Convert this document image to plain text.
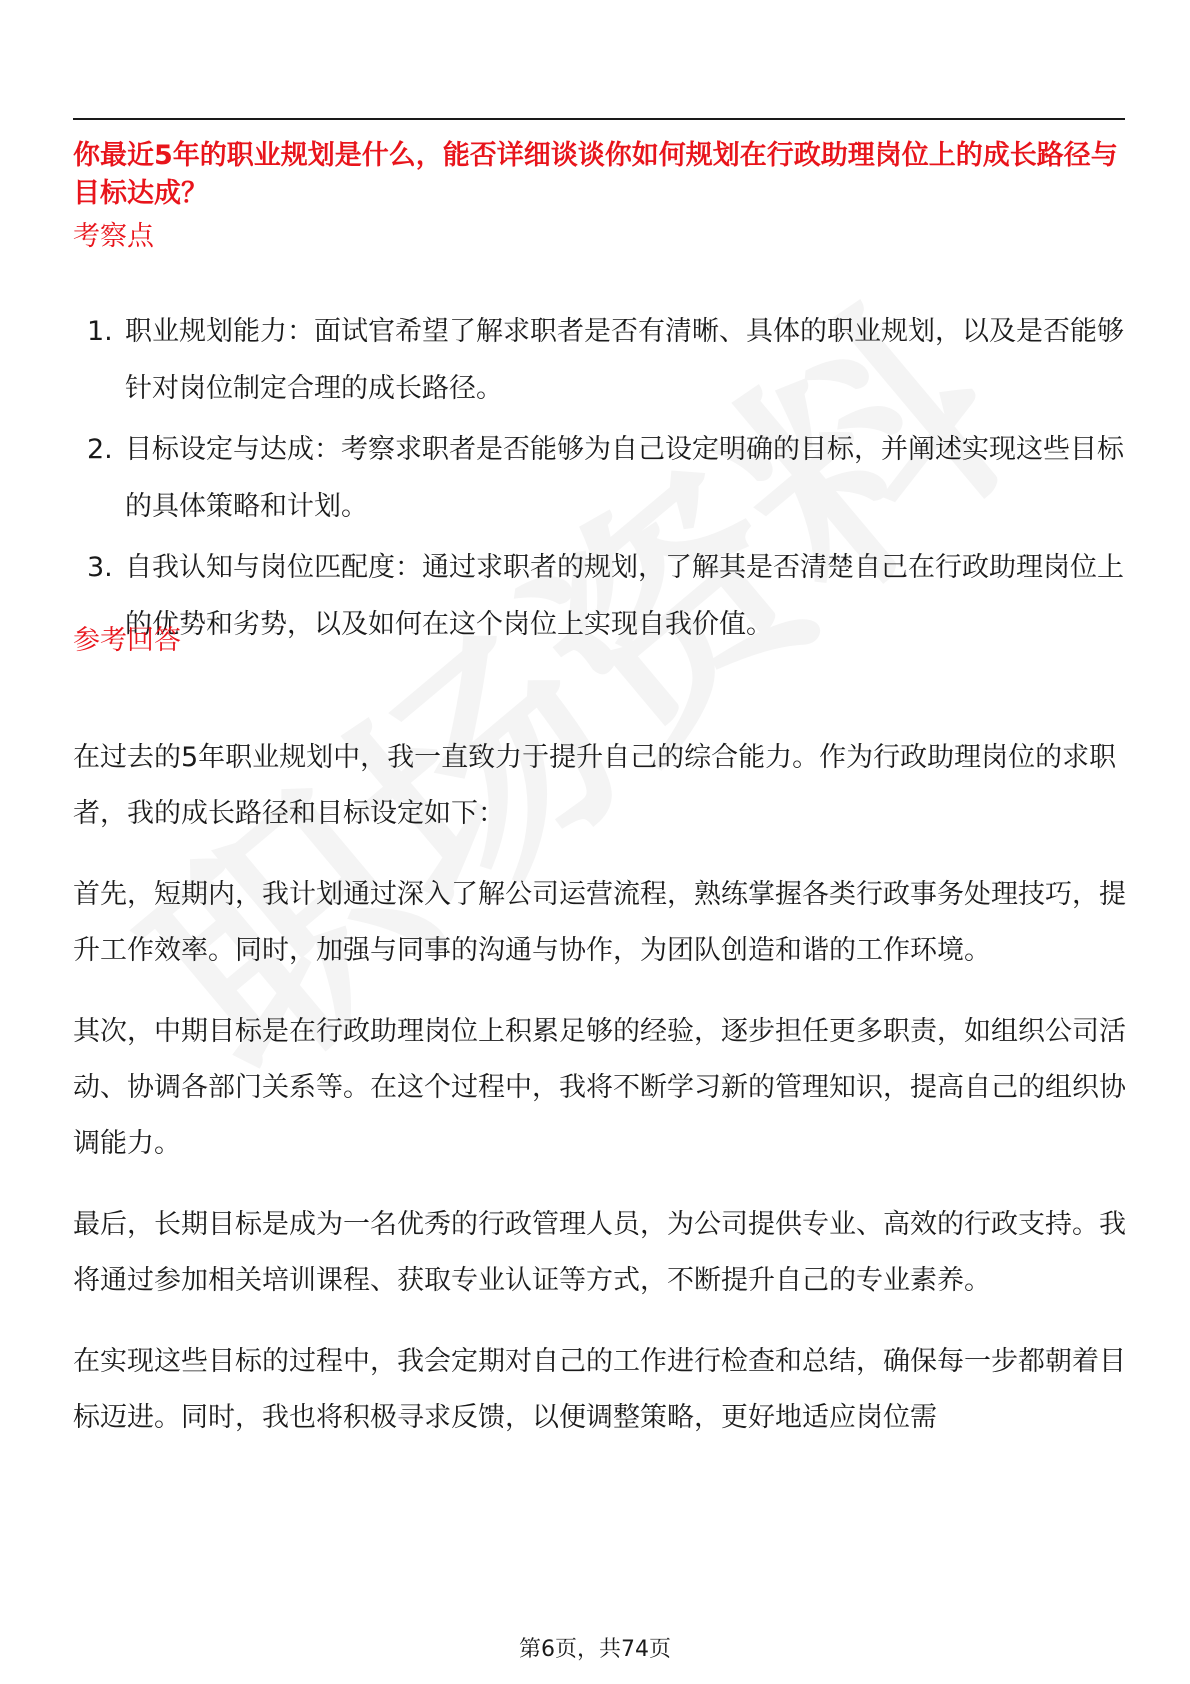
你最近5年的职业规划是什么，能否详细谈谈你如何规划在行政助理岗位上的成长路径与目标达成？
考察点
1. 职业规划能力：面试官希望了解求职者是否有清晰、具体的职业规划，以及是否能够针对岗位制定合理的成长路径。
2. 目标设定与达成：考察求职者是否能够为自己设定明确的目标，并阐述实现这些目标的具体策略和计划。
3. 自我认知与岗位匹配度：通过求职者的规划，了解其是否清楚自己在行政助理岗位上的优势和劣势，以及如何在这个岗位上实现自我价值。
参考回答

在过去的5年职业规划中，我一直致力于提升自己的综合能力。作为行政助理岗位的求职者，我的成长路径和目标设定如下：

首先，短期内，我计划通过深入了解公司运营流程，熟练掌握各类行政事务处理技巧，提升工作效率。同时，加强与同事的沟通与协作，为团队创造和谐的工作环境。

其次，中期目标是在行政助理岗位上积累足够的经验，逐步担任更多职责，如组织公司活动、协调各部门关系等。在这个过程中，我将不断学习新的管理知识，提高自己的组织协调能力。

最后，长期目标是成为一名优秀的行政管理人员，为公司提供专业、高效的行政支持。我将通过参加相关培训课程、获取专业认证等方式，不断提升自己的专业素养。

在实现这些目标的过程中，我会定期对自己的工作进行检查和总结，确保每一步都朝着目标迈进。同时，我也将积极寻求反馈，以便调整策略，更好地适应岗位需

第6页，共74页
